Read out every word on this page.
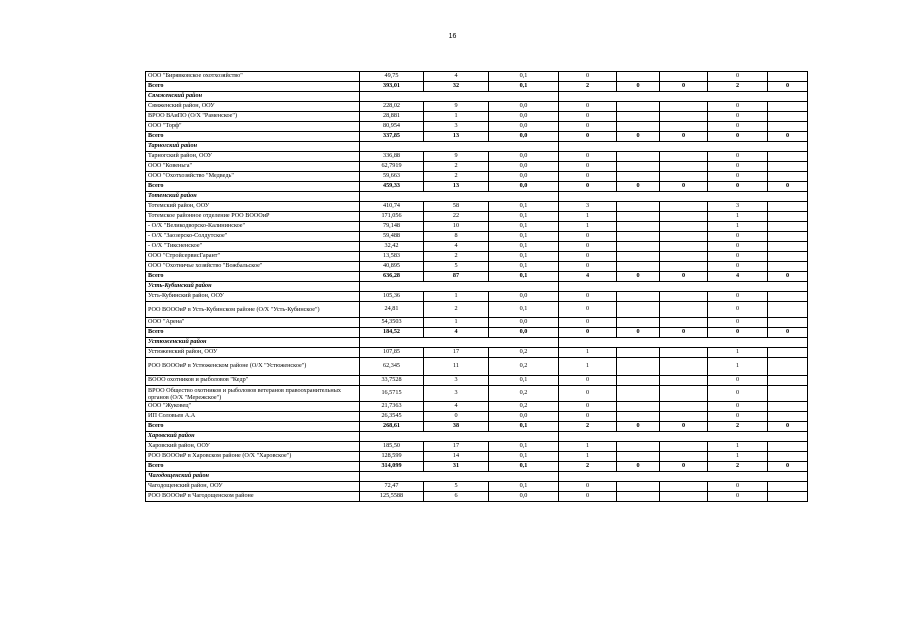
16
ООО "Бирявковское охотхозяйство"	49,75	4	0,1	0			0	
Всего	393,01	32	0,1	2	0	0	2	0
Сямженский район								
Сямженский район, ООУ	228,02	9	0,0	0			0	
ВРОО ВАиПО (О/Х "Раменское")	28,881	1	0,0	0			0	
ООО "Торф"	80,954	3	0,0	0			0	
Всего	337,85	13	0,0	0	0	0	0	0
Тарногский район								
Тарногский район, ООУ	336,88	9	0,0	0			0	
ООО "Ковеньга"	62,7919	2	0,0	0			0	
ООО "Охотхозяйство "Медведь"	59,663	2	0,0	0			0	
Всего	459,33	13	0,0	0	0	0	0	0
Тотемский район								
Тотемский район, ООУ	410,74	58	0,1	3			3	
Тотемское районное отделение РОО ВОООиР	171,056	22	0,1	1			1	
- О/Х "Великодворско-Калининское"	79,148	10	0,1	1			1	
- О/Х "Заозерско-Солдутское"	59,488	8	0,1	0			0	
- О/Х "Тиксненское"	32,42	4	0,1	0			0	
ООО "СтройсервисГарант"	13,583	2	0,1	0			0	
ООО "Охотничье хозяйство "Вожбальское"	40,895	5	0,1	0			0	
Всего	636,28	87	0,1	4	0	0	4	0
Усть-Кубинский район								
Усть-Кубинский район, ООУ	105,36	1	0,0	0			0	
РОО ВОООиР в Усть-Кубинском районе (О/Х "Усть-Кубинское")	24,81	2	0,1	0			0	
ООО "Арена"	54,3503	1	0,0	0			0	
Всего	184,52	4	0,0	0	0	0	0	0
Устюженский район								
Устюженский район, ООУ	107,85	17	0,2	1			1	
РОО ВОООиР в Устюженском районе (О/Х "Устюженское")	62,345	11	0,2	1			1	
ВООО охотников и рыболовов "Кедр"	33,7528	3	0,1	0			0	
ВРОО Общество охотников и рыболовов ветеранов правоохранительных органов (О/Х "Мережское")	16,5715	3	0,2	0			0	
ООО "Жуковец"	21,7363	4	0,2	0			0	
ИП Соловьев А.А	26,3545	0	0,0	0			0	
Всего	268,61	38	0,1	2	0	0	2	0
Харовский район								
Харовский район, ООУ	185,50	17	0,1	1			1	
РОО ВОООиР в Харовском районе (О/Х "Харовское")	128,599	14	0,1	1			1	
Всего	314,099	31	0,1	2	0	0	2	0
Чагодощенский район								
Чагодощенский район, ООУ	72,47	5	0,1	0			0	
РОО ВОООиР в Чагодощенском районе	125,5588	6	0,0	0			0	
